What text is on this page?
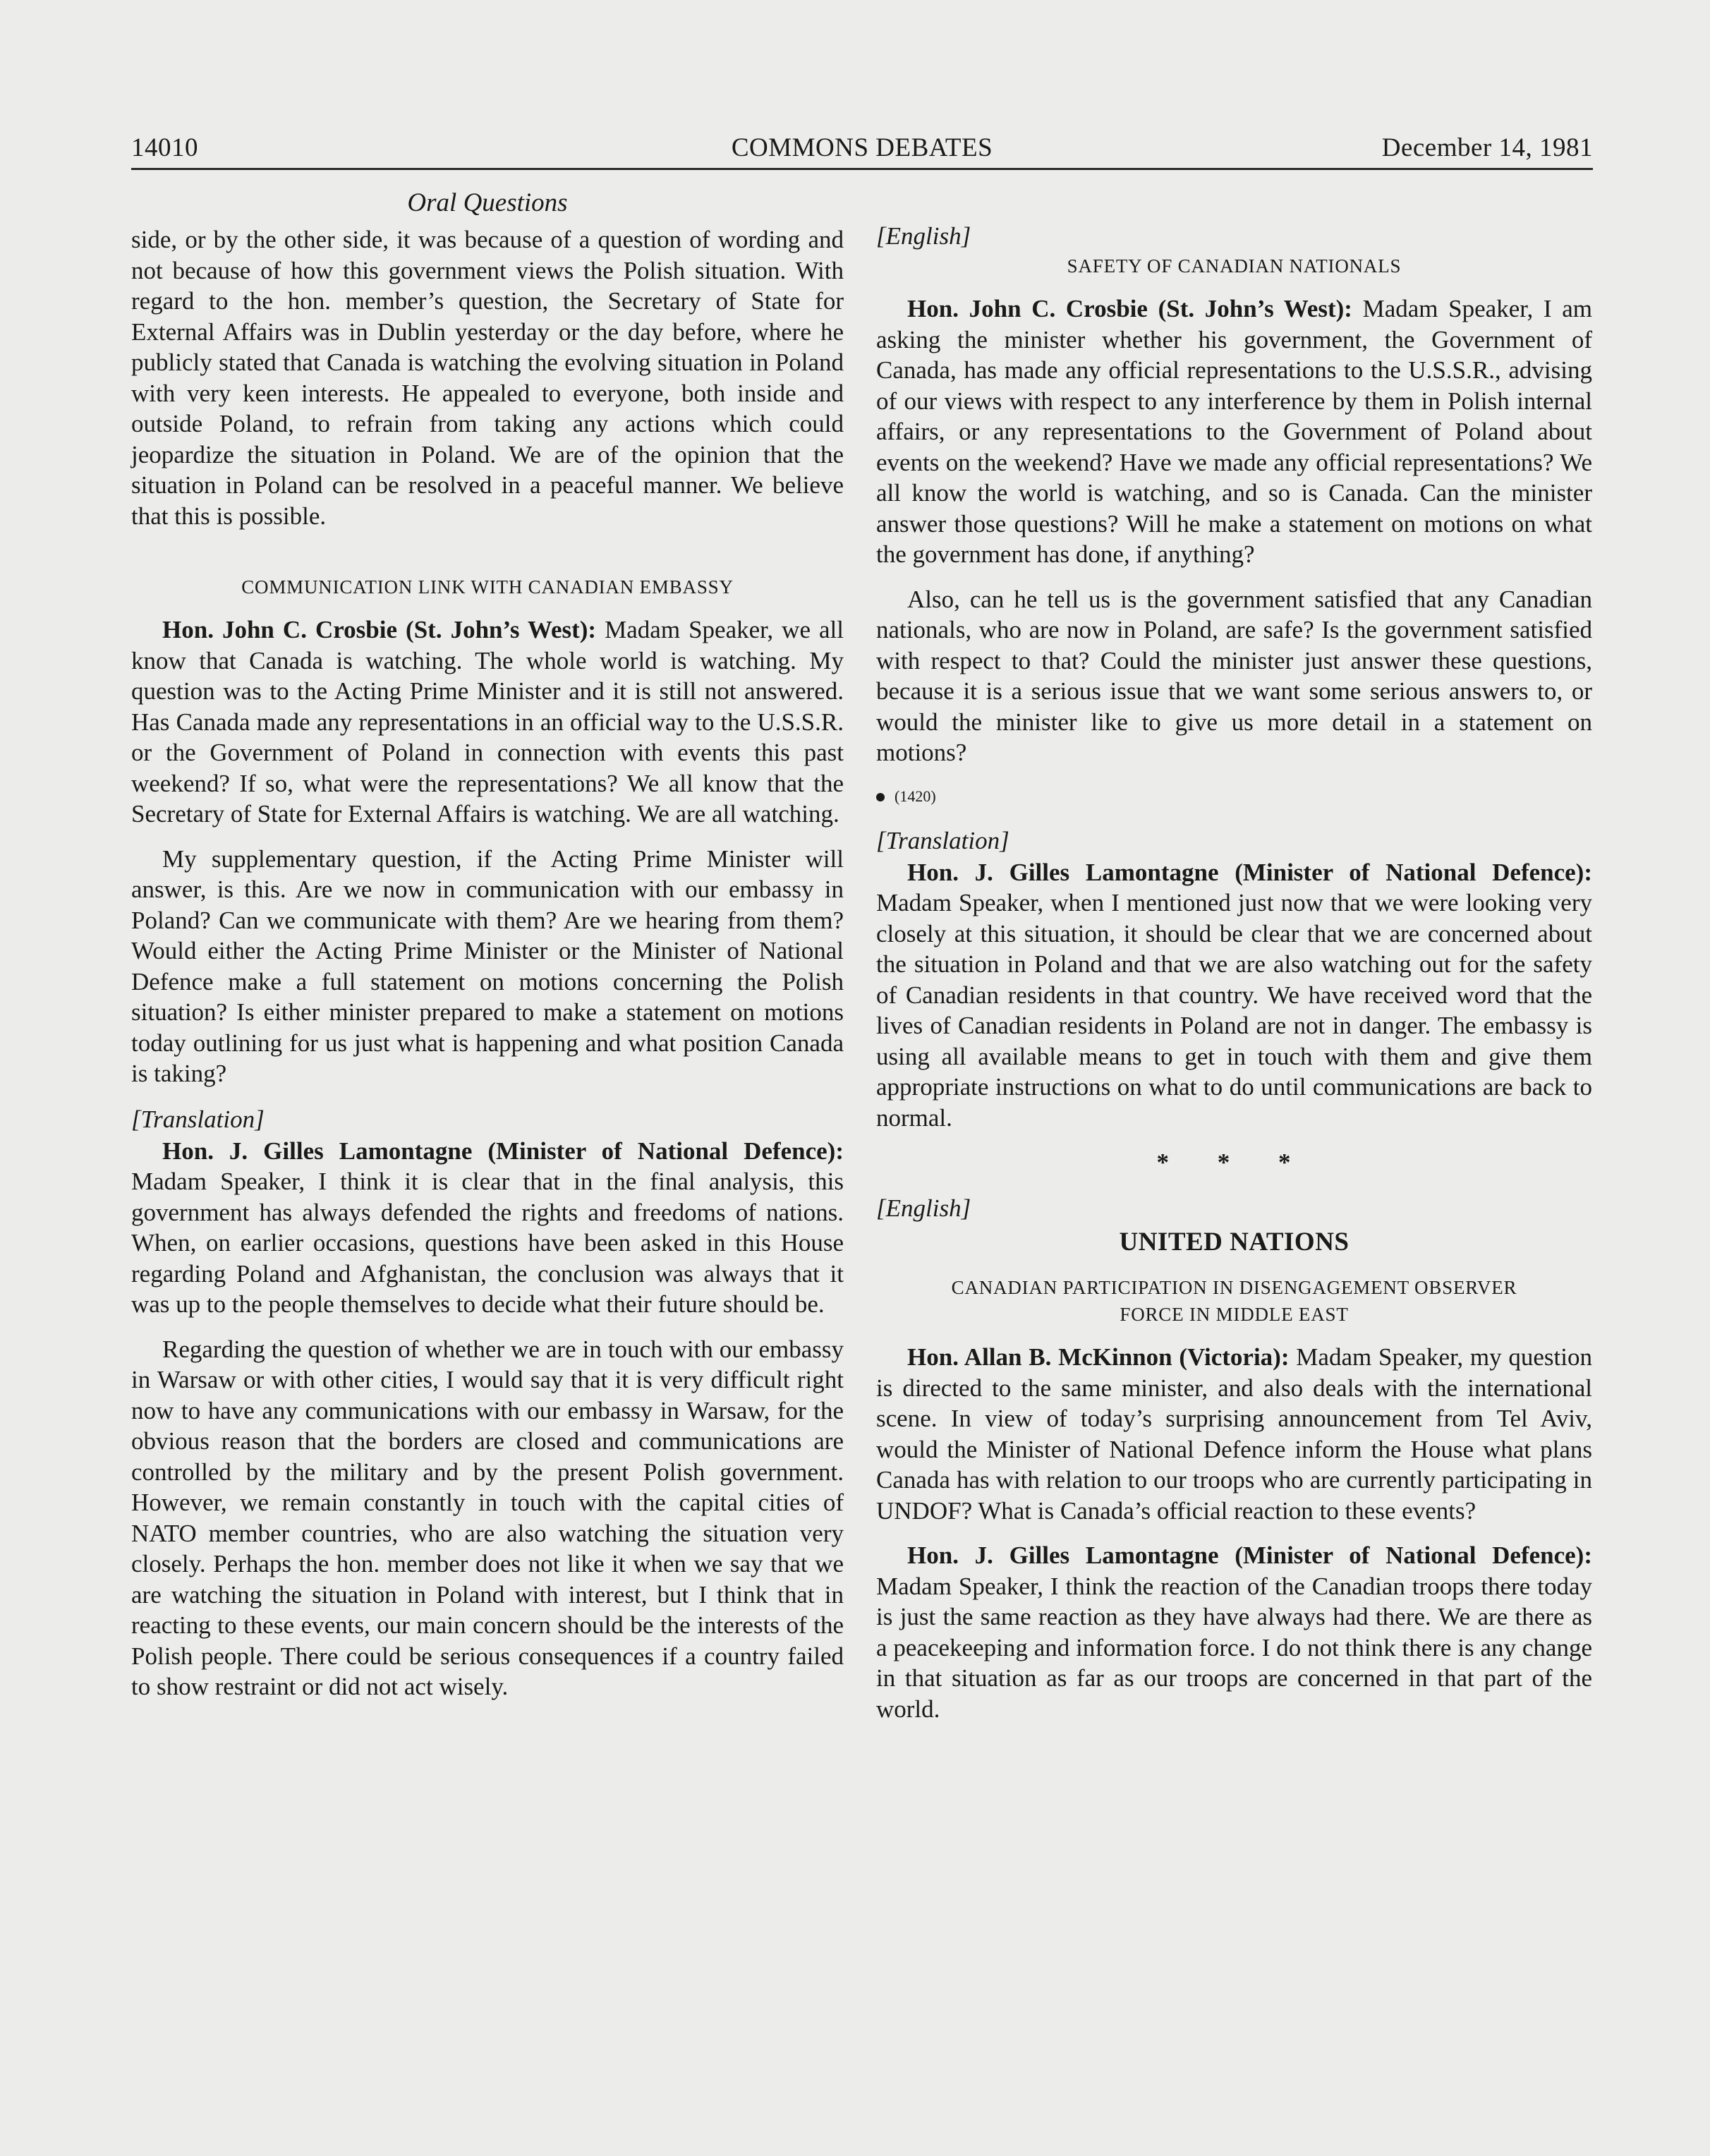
14010	COMMONS DEBATES	December 14, 1981
Oral Questions

side, or by the other side, it was because of a question of wording and not because of how this government views the Polish situation. With regard to the hon. member’s question, the Secretary of State for External Affairs was in Dublin yesterday or the day before, where he publicly stated that Canada is watching the evolving situation in Poland with very keen interests. He appealed to everyone, both inside and outside Poland, to refrain from taking any actions which could jeopardize the situation in Poland. We are of the opinion that the situation in Poland can be resolved in a peaceful manner. We believe that this is possible.

COMMUNICATION LINK WITH CANADIAN EMBASSY

Hon. John C. Crosbie (St. John’s West): Madam Speaker, we all know that Canada is watching. The whole world is watching. My question was to the Acting Prime Minister and it is still not answered. Has Canada made any representations in an official way to the U.S.S.R. or the Government of Poland in connection with events this past weekend? If so, what were the representations? We all know that the Secretary of State for External Affairs is watching. We are all watching.

My supplementary question, if the Acting Prime Minister will answer, is this. Are we now in communication with our embassy in Poland? Can we communicate with them? Are we hearing from them? Would either the Acting Prime Minister or the Minister of National Defence make a full statement on motions concerning the Polish situation? Is either minister prepared to make a statement on motions today outlining for us just what is happening and what position Canada is taking?

[Translation]

Hon. J. Gilles Lamontagne (Minister of National Defence): Madam Speaker, I think it is clear that in the final analysis, this government has always defended the rights and freedoms of nations. When, on earlier occasions, questions have been asked in this House regarding Poland and Afghanistan, the conclusion was always that it was up to the people themselves to decide what their future should be.

Regarding the question of whether we are in touch with our embassy in Warsaw or with other cities, I would say that it is very difficult right now to have any communications with our embassy in Warsaw, for the obvious reason that the borders are closed and communications are controlled by the military and by the present Polish government. However, we remain constantly in touch with the capital cities of NATO member countries, who are also watching the situation very closely. Perhaps the hon. member does not like it when we say that we are watching the situation in Poland with interest, but I think that in reacting to these events, our main concern should be the interests of the Polish people. There could be serious consequences if a country failed to show restraint or did not act wisely.

[English]
SAFETY OF CANADIAN NATIONALS

Hon. John C. Crosbie (St. John’s West): Madam Speaker, I am asking the minister whether his government, the Government of Canada, has made any official representations to the U.S.S.R., advising of our views with respect to any interference by them in Polish internal affairs, or any representations to the Government of Poland about events on the weekend? Have we made any official representations? We all know the world is watching, and so is Canada. Can the minister answer those questions? Will he make a statement on motions on what the government has done, if anything?

Also, can he tell us is the government satisfied that any Canadian nationals, who are now in Poland, are safe? Is the government satisfied with respect to that? Could the minister just answer these questions, because it is a serious issue that we want some serious answers to, or would the minister like to give us more detail in a statement on motions?

(1420)
[Translation]

Hon. J. Gilles Lamontagne (Minister of National Defence): Madam Speaker, when I mentioned just now that we were looking very closely at this situation, it should be clear that we are concerned about the situation in Poland and that we are also watching out for the safety of Canadian residents in that country. We have received word that the lives of Canadian residents in Poland are not in danger. The embassy is using all available means to get in touch with them and give them appropriate instructions on what to do until communications are back to normal.

* * *
[English]
UNITED NATIONS
CANADIAN PARTICIPATION IN DISENGAGEMENT OBSERVER
FORCE IN MIDDLE EAST

Hon. Allan B. McKinnon (Victoria): Madam Speaker, my question is directed to the same minister, and also deals with the international scene. In view of today’s surprising announcement from Tel Aviv, would the Minister of National Defence inform the House what plans Canada has with relation to our troops who are currently participating in UNDOF? What is Canada’s official reaction to these events?

Hon. J. Gilles Lamontagne (Minister of National Defence): Madam Speaker, I think the reaction of the Canadian troops there today is just the same reaction as they have always had there. We are there as a peacekeeping and information force. I do not think there is any change in that situation as far as our troops are concerned in that part of the world.
